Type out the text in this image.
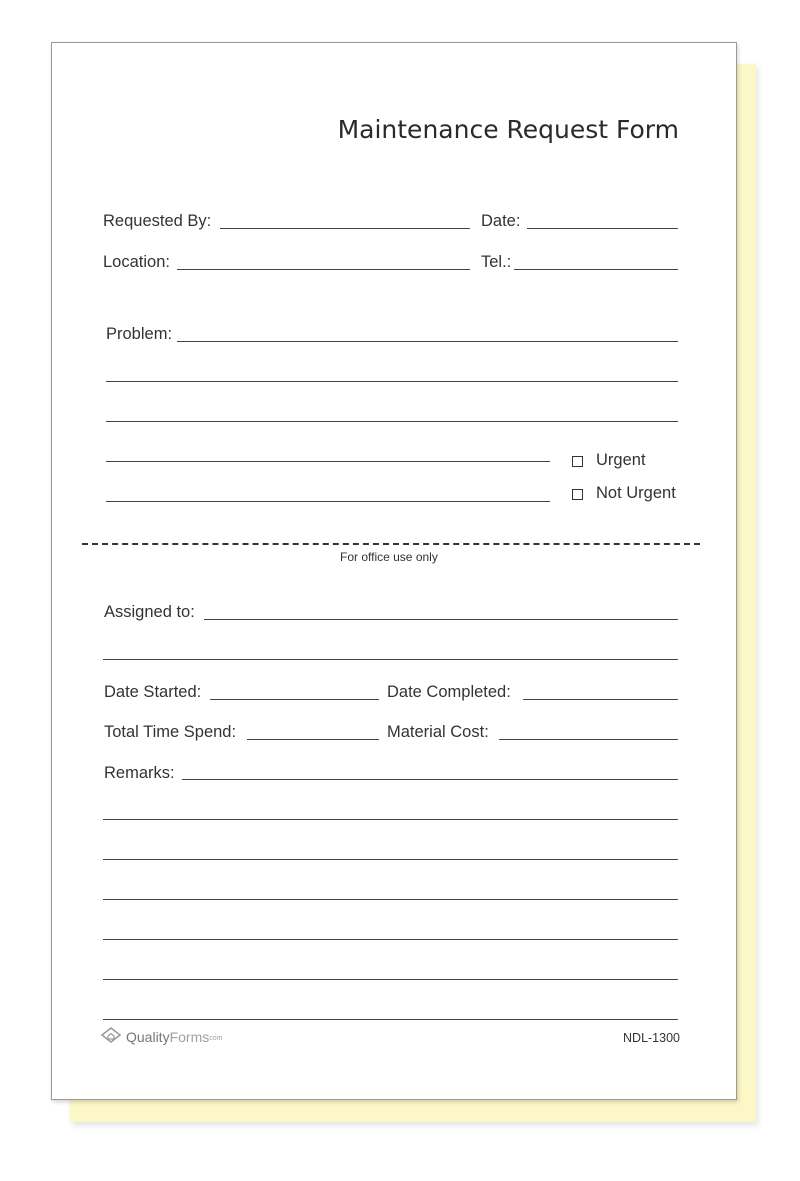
Maintenance Request Form
Requested By:	Date:
Location:	Tel.:
Problem:
Urgent
Not Urgent
For office use only
Assigned to:
Date Started:	Date Completed:
Total Time Spend:	Material Cost:
Remarks:
QualityFormscom	NDL-1300
